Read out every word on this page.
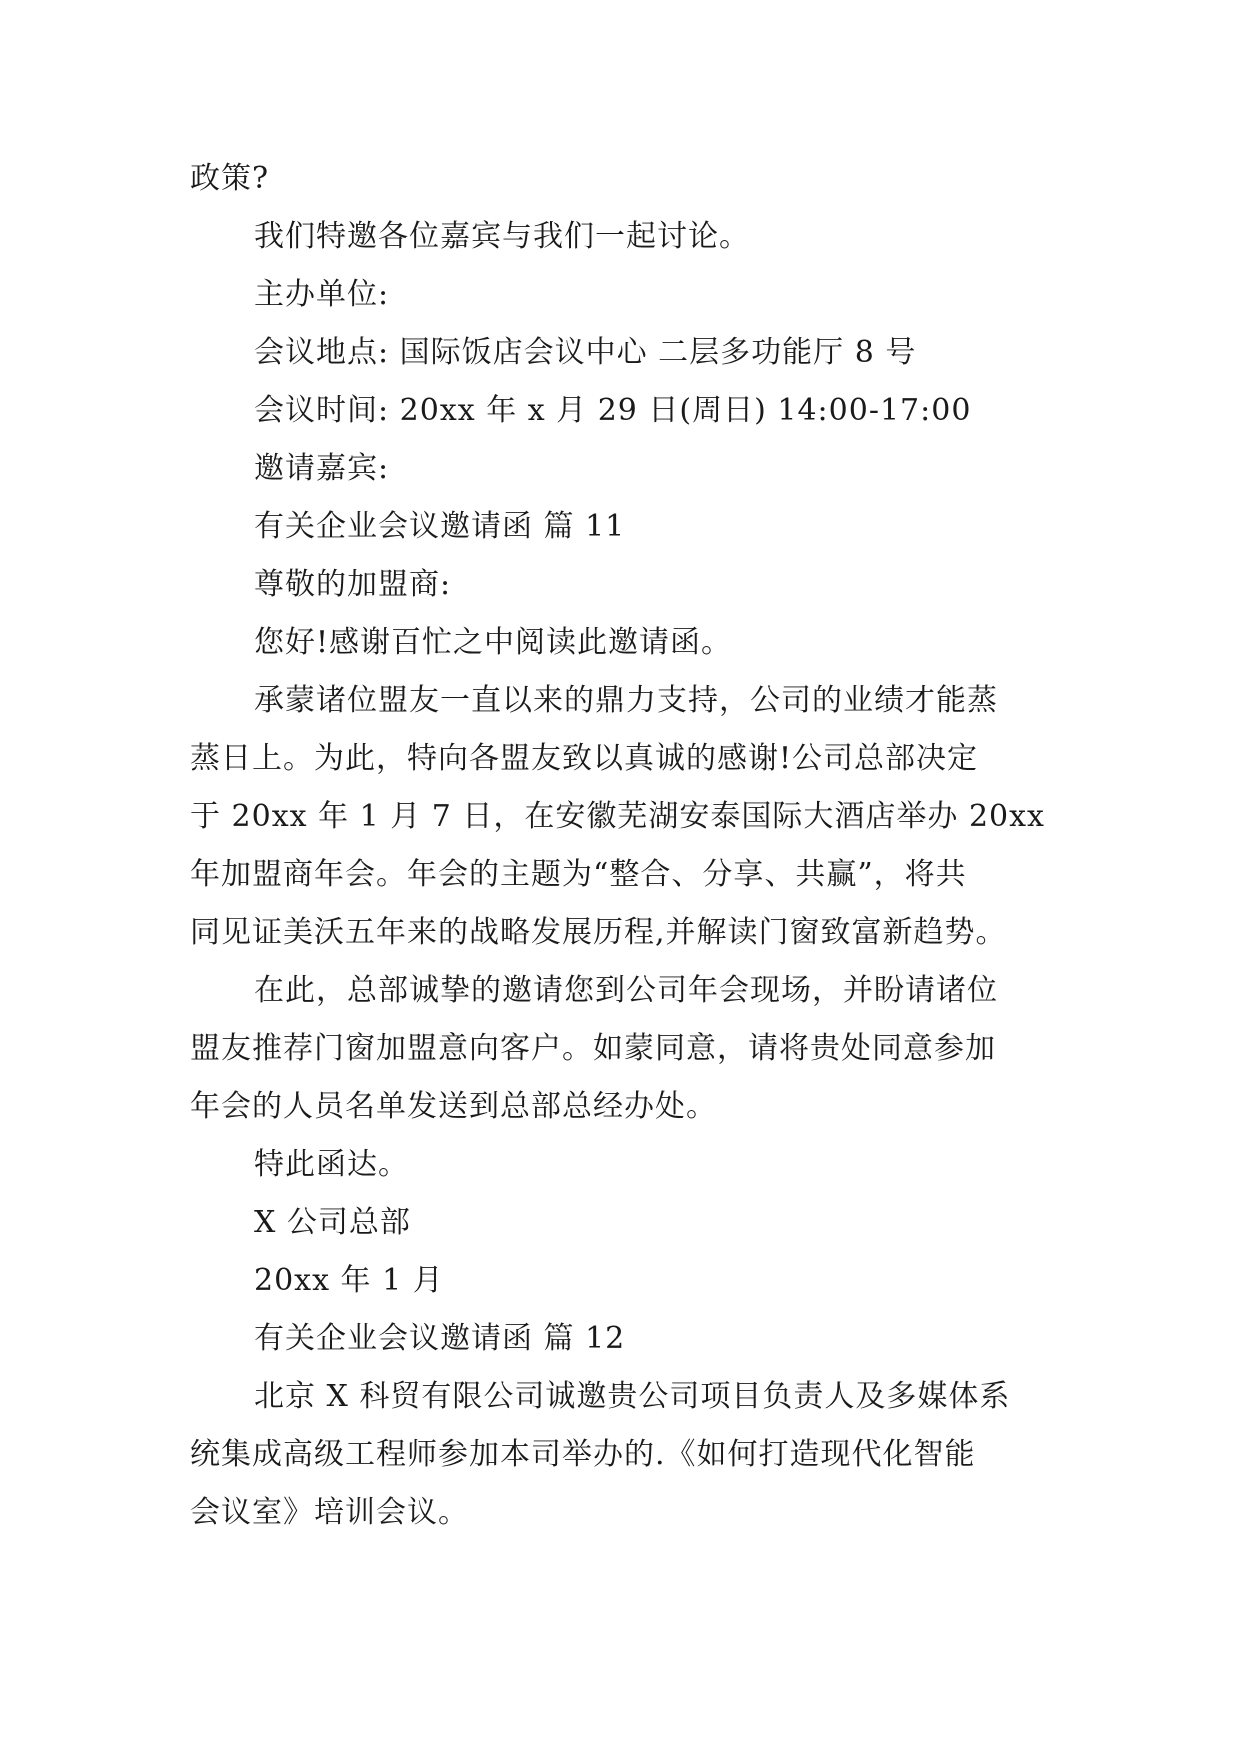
政策?
我们特邀各位嘉宾与我们一起讨论。
主办单位:
会议地点: 国际饭店会议中心 二层多功能厅 8 号
会议时间: 20xx 年 x 月 29 日(周日) 14:00-17:00
邀请嘉宾:
有关企业会议邀请函 篇 11
尊敬的加盟商:
您好!感谢百忙之中阅读此邀请函。
承蒙诸位盟友一直以来的鼎力支持，公司的业绩才能蒸
蒸日上。为此，特向各盟友致以真诚的感谢!公司总部决定
于 20xx 年 1 月 7 日，在安徽芜湖安泰国际大酒店举办 20xx
年加盟商年会。年会的主题为“整合、分享、共赢”，将共
同见证美沃五年来的战略发展历程,并解读门窗致富新趋势。
在此，总部诚挚的邀请您到公司年会现场，并盼请诸位
盟友推荐门窗加盟意向客户。如蒙同意，请将贵处同意参加
年会的人员名单发送到总部总经办处。
特此函达。
X 公司总部
20xx 年 1 月
有关企业会议邀请函 篇 12
北京 X 科贸有限公司诚邀贵公司项目负责人及多媒体系
统集成高级工程师参加本司举办的.《如何打造现代化智能
会议室》培训会议。
